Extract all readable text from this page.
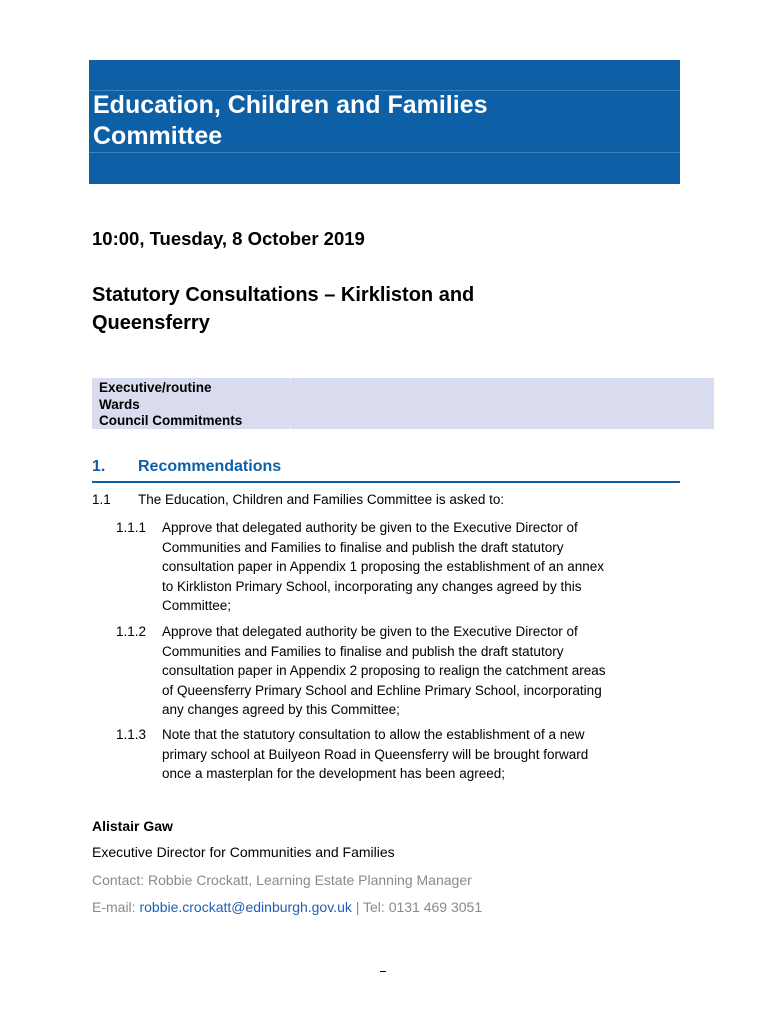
Education, Children and Families
Committee
10:00, Tuesday, 8 October 2019
Statutory Consultations – Kirkliston and
Queensferry
Executive/routine
Wards
Council Commitments
1. Recommendations
1.1 The Education, Children and Families Committee is asked to:
1.1.1 Approve that delegated authority be given to the Executive Director of
Communities and Families to finalise and publish the draft statutory
consultation paper in Appendix 1 proposing the establishment of an annex
to Kirkliston Primary School, incorporating any changes agreed by this
Committee;
1.1.2 Approve that delegated authority be given to the Executive Director of
Communities and Families to finalise and publish the draft statutory
consultation paper in Appendix 2 proposing to realign the catchment areas
of Queensferry Primary School and Echline Primary School, incorporating
any changes agreed by this Committee;
1.1.3 Note that the statutory consultation to allow the establishment of a new
primary school at Builyeon Road in Queensferry will be brought forward
once a masterplan for the development has been agreed;
Alistair Gaw
Executive Director for Communities and Families
Contact: Robbie Crockatt, Learning Estate Planning Manager
E-mail: robbie.crockatt@edinburgh.gov.uk | Tel: 0131 469 3051
